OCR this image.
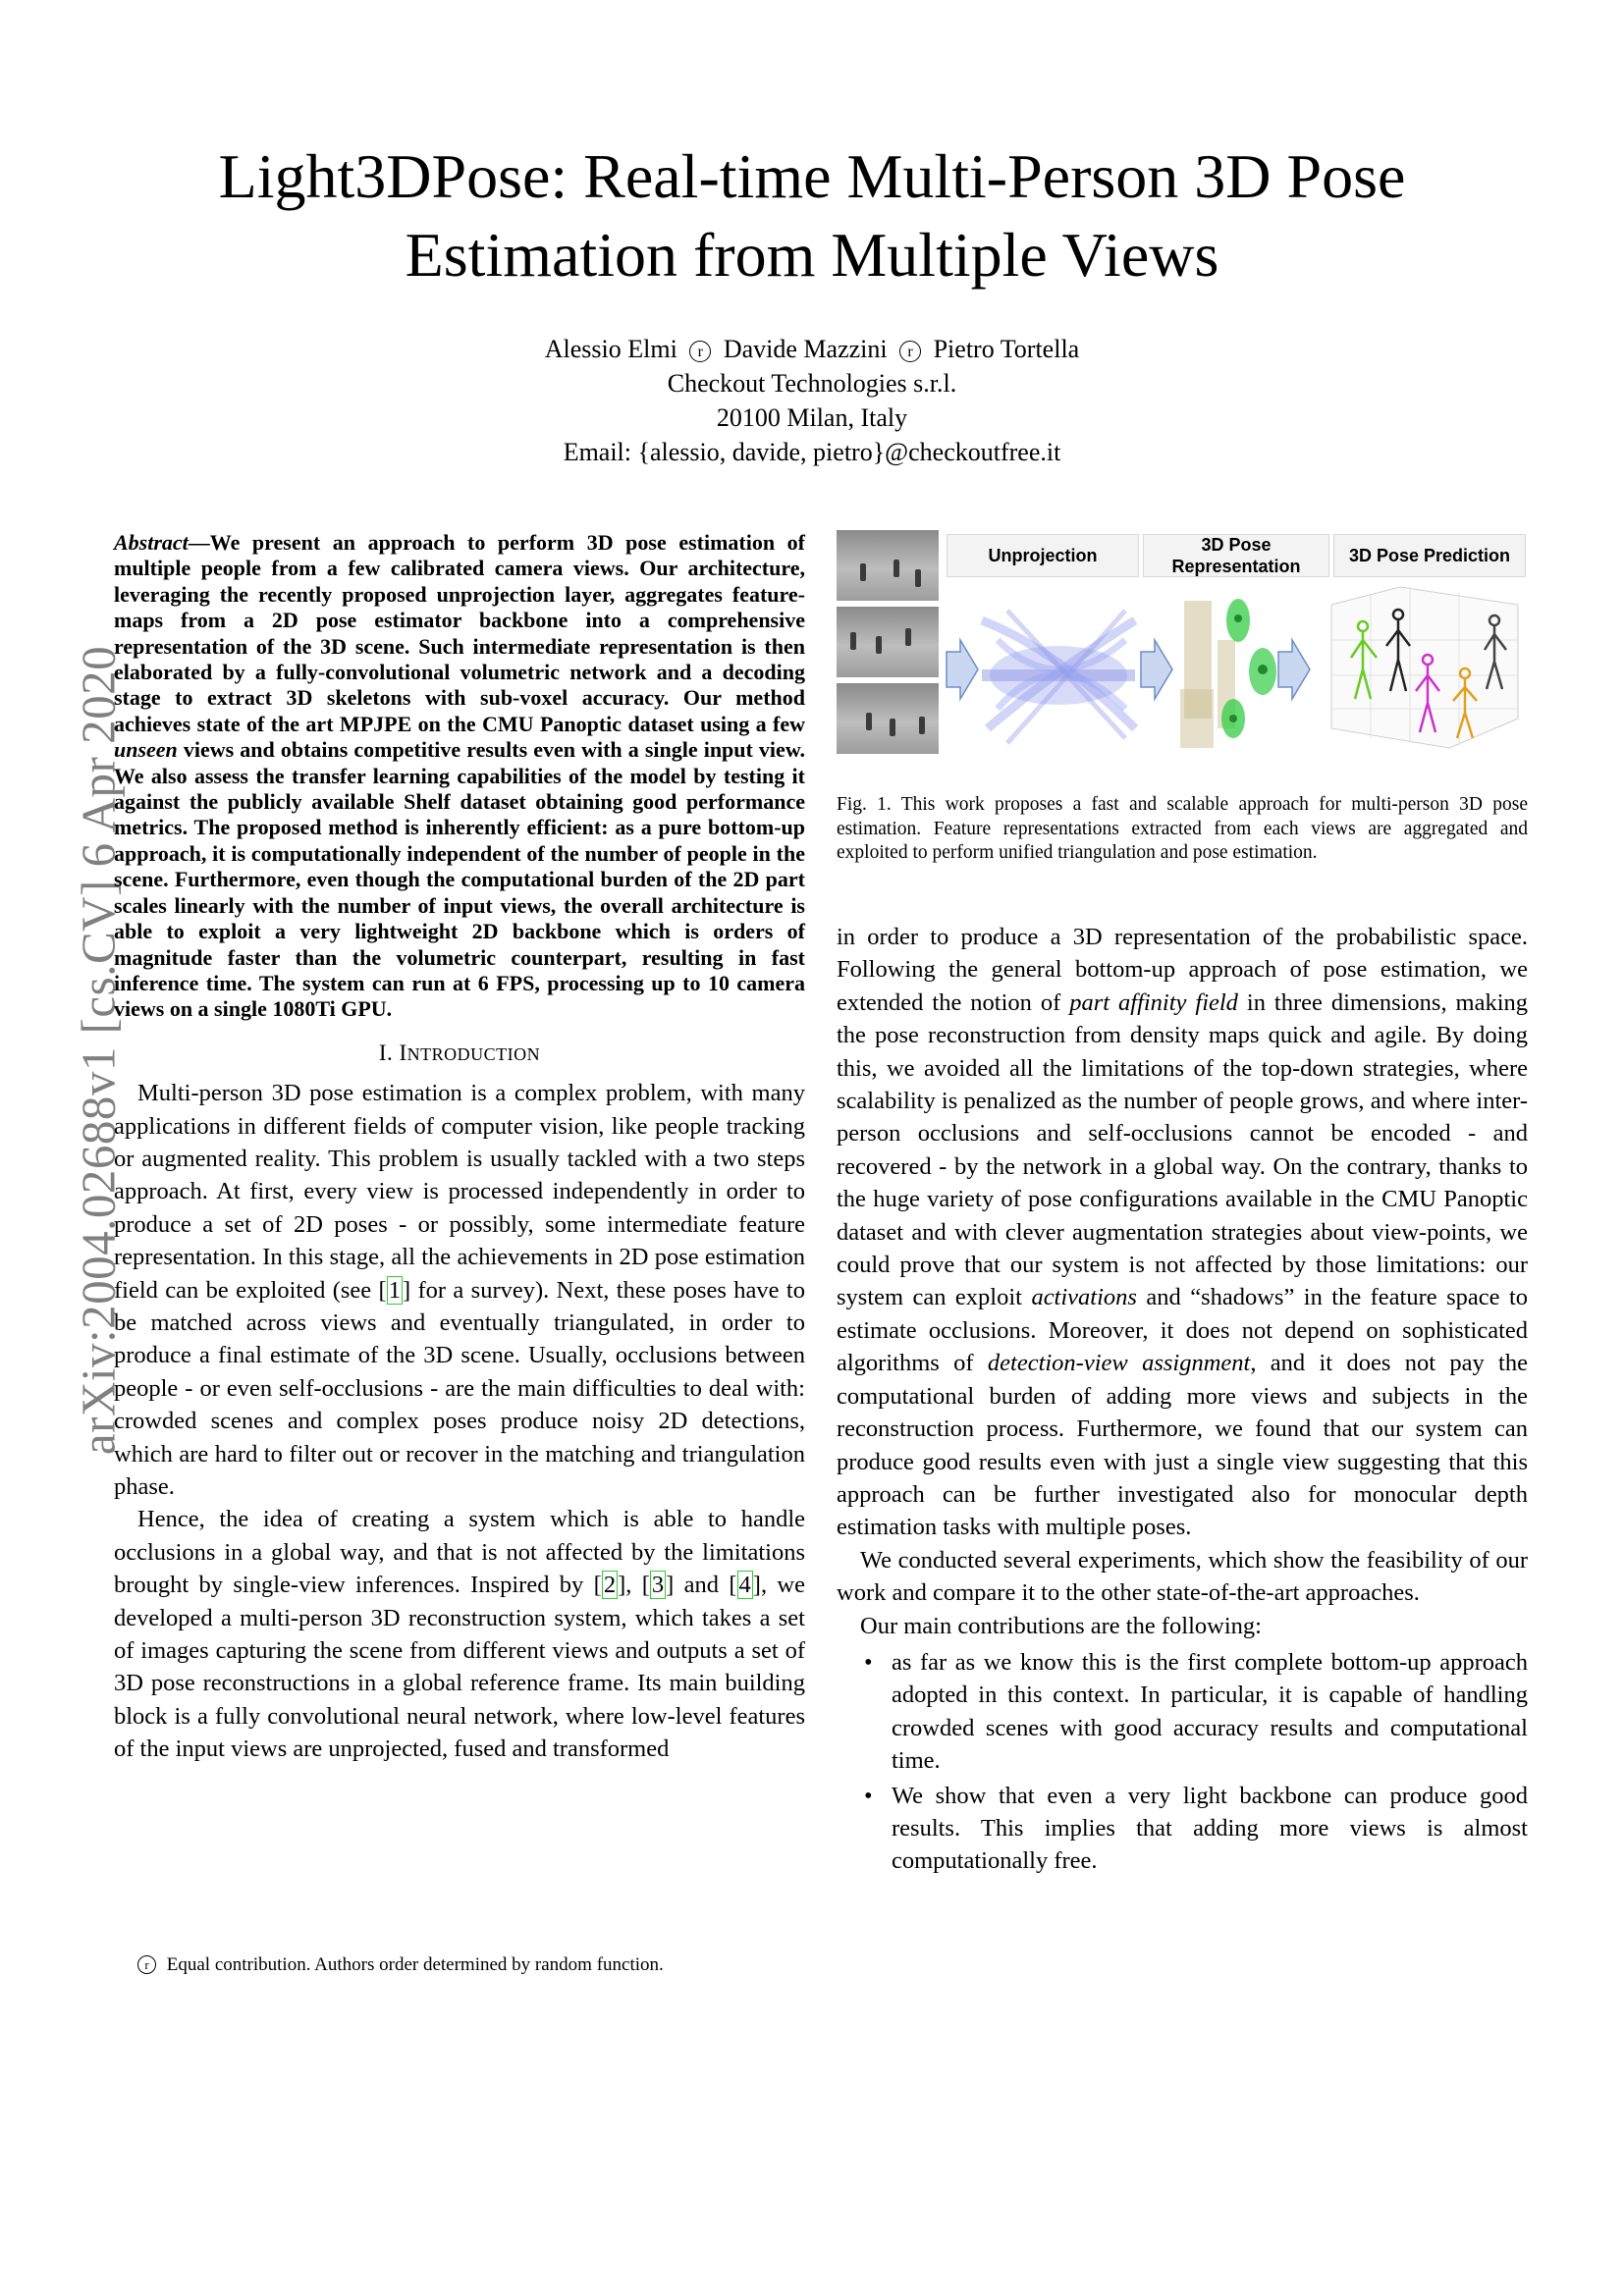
arXiv:2004.02688v1 [cs.CV] 6 Apr 2020
Light3DPose: Real-time Multi-Person 3D Pose
Estimation from Multiple Views
Alessio Elmi r Davide Mazzini r Pietro Tortella
Checkout Technologies s.r.l.
20100 Milan, Italy
Email: {alessio, davide, pietro}@checkoutfree.it
Abstract—We present an approach to perform 3D pose estimation of multiple people from a few calibrated camera views. Our architecture, leveraging the recently proposed unprojection layer, aggregates feature-maps from a 2D pose estimator backbone into a comprehensive representation of the 3D scene. Such intermediate representation is then elaborated by a fully-convolutional volumetric network and a decoding stage to extract 3D skeletons with sub-voxel accuracy. Our method achieves state of the art MPJPE on the CMU Panoptic dataset using a few unseen views and obtains competitive results even with a single input view. We also assess the transfer learning capabilities of the model by testing it against the publicly available Shelf dataset obtaining good performance metrics. The proposed method is inherently efficient: as a pure bottom-up approach, it is computationally independent of the number of people in the scene. Furthermore, even though the computational burden of the 2D part scales linearly with the number of input views, the overall architecture is able to exploit a very lightweight 2D backbone which is orders of magnitude faster than the volumetric counterpart, resulting in fast inference time. The system can run at 6 FPS, processing up to 10 camera views on a single 1080Ti GPU.
I. INTRODUCTION

Multi-person 3D pose estimation is a complex problem, with many applications in different fields of computer vision, like people tracking or augmented reality. This problem is usually tackled with a two steps approach. At first, every view is processed independently in order to produce a set of 2D poses - or possibly, some intermediate feature representation. In this stage, all the achievements in 2D pose estimation field can be exploited (see [1] for a survey). Next, these poses have to be matched across views and eventually triangulated, in order to produce a final estimate of the 3D scene. Usually, occlusions between people - or even self-occlusions - are the main difficulties to deal with: crowded scenes and complex poses produce noisy 2D detections, which are hard to filter out or recover in the matching and triangulation phase.

Hence, the idea of creating a system which is able to handle occlusions in a global way, and that is not affected by the limitations brought by single-view inferences. Inspired by [2], [3] and [4], we developed a multi-person 3D reconstruction system, which takes a set of images capturing the scene from different views and outputs a set of 3D pose reconstructions in a global reference frame. Its main building block is a fully convolutional neural network, where low-level features of the input views are unprojected, fused and transformed

r Equal contribution. Authors order determined by random function.
Unprojection
3D Pose
Representation
3D Pose Prediction
Fig. 1. This work proposes a fast and scalable approach for multi-person 3D pose estimation. Feature representations extracted from each views are aggregated and exploited to perform unified triangulation and pose estimation.

in order to produce a 3D representation of the probabilistic space. Following the general bottom-up approach of pose estimation, we extended the notion of part affinity field in three dimensions, making the pose reconstruction from density maps quick and agile. By doing this, we avoided all the limitations of the top-down strategies, where scalability is penalized as the number of people grows, and where inter-person occlusions and self-occlusions cannot be encoded - and recovered - by the network in a global way. On the contrary, thanks to the huge variety of pose configurations available in the CMU Panoptic dataset and with clever augmentation strategies about view-points, we could prove that our system is not affected by those limitations: our system can exploit activations and “shadows” in the feature space to estimate occlusions. Moreover, it does not depend on sophisticated algorithms of detection-view assignment, and it does not pay the computational burden of adding more views and subjects in the reconstruction process. Furthermore, we found that our system can produce good results even with just a single view suggesting that this approach can be further investigated also for monocular depth estimation tasks with multiple poses.

We conducted several experiments, which show the feasibility of our work and compare it to the other state-of-the-art approaches.

Our main contributions are the following:

• as far as we know this is the first complete bottom-up approach adopted in this context. In particular, it is capable of handling crowded scenes with good accuracy results and computational time.
• We show that even a very light backbone can produce good results. This implies that adding more views is almost computationally free.
